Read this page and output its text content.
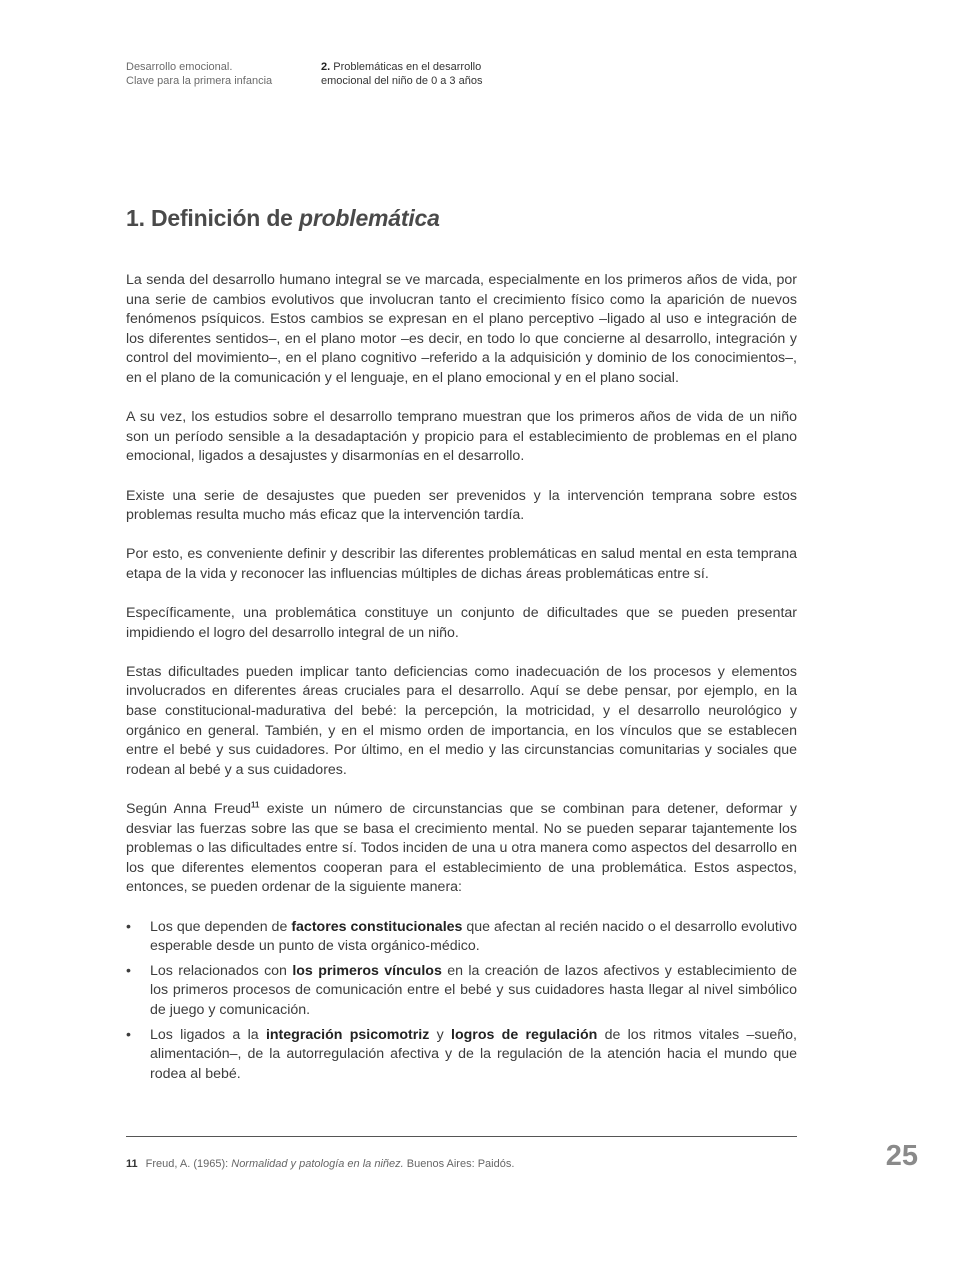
Desarrollo emocional.
Clave para la primera infancia
2. Problemáticas en el desarrollo
emocional del niño de 0 a 3 años
1. Definición de problemática

La senda del desarrollo humano integral se ve marcada, especialmente en los primeros años de vida, por una serie de cambios evolutivos que involucran tanto el crecimiento físico como la aparición de nuevos fenómenos psíquicos. Estos cambios se expresan en el plano perceptivo –ligado al uso e integración de los diferentes sentidos–, en el plano motor –es decir, en todo lo que concierne al desarrollo, integración y control del movimiento–, en el plano cognitivo –referido a la adquisición y dominio de los conocimientos–, en el plano de la comunicación y el lenguaje, en el plano emocional y en el plano social.

A su vez, los estudios sobre el desarrollo temprano muestran que los primeros años de vida de un niño son un período sensible a la desadaptación y propicio para el establecimiento de problemas en el plano emocional, ligados a desajustes y disarmonías en el desarrollo.

Existe una serie de desajustes que pueden ser prevenidos y la intervención temprana sobre estos problemas resulta mucho más eficaz que la intervención tardía.

Por esto, es conveniente definir y describir las diferentes problemáticas en salud mental en esta temprana etapa de la vida y reconocer las influencias múltiples de dichas áreas problemáticas entre sí.

Específicamente, una problemática constituye un conjunto de dificultades que se pueden presentar impidiendo el logro del desarrollo integral de un niño.

Estas dificultades pueden implicar tanto deficiencias como inadecuación de los procesos y elementos involucrados en diferentes áreas cruciales para el desarrollo. Aquí se debe pensar, por ejemplo, en la base constitucional-madurativa del bebé: la percepción, la motricidad, y el desarrollo neurológico y orgánico en general. También, y en el mismo orden de importancia, en los vínculos que se establecen entre el bebé y sus cuidadores. Por último, en el medio y las circunstancias comunitarias y sociales que rodean al bebé y a sus cuidadores.

Según Anna Freud$^{11}$ existe un número de circunstancias que se combinan para detener, deformar y desviar las fuerzas sobre las que se basa el crecimiento mental. No se pueden separar tajantemente los problemas o las dificultades entre sí. Todos inciden de una u otra manera como aspectos del desarrollo en los que diferentes elementos cooperan para el establecimiento de una problemática. Estos aspectos, entonces, se pueden ordenar de la siguiente manera:

• Los que dependen de factores constitucionales que afectan al recién nacido o el desarrollo evolutivo esperable desde un punto de vista orgánico-médico.
• Los relacionados con los primeros vínculos en la creación de lazos afectivos y establecimiento de los primeros procesos de comunicación entre el bebé y sus cuidadores hasta llegar al nivel simbólico de juego y comunicación.
• Los ligados a la integración psicomotriz y logros de regulación de los ritmos vitales –sueño, alimentación–, de la autorregulación afectiva y de la regulación de la atención hacia el mundo que rodea al bebé.
11 Freud, A. (1965): Normalidad y patología en la niñez. Buenos Aires: Paidós.	25
